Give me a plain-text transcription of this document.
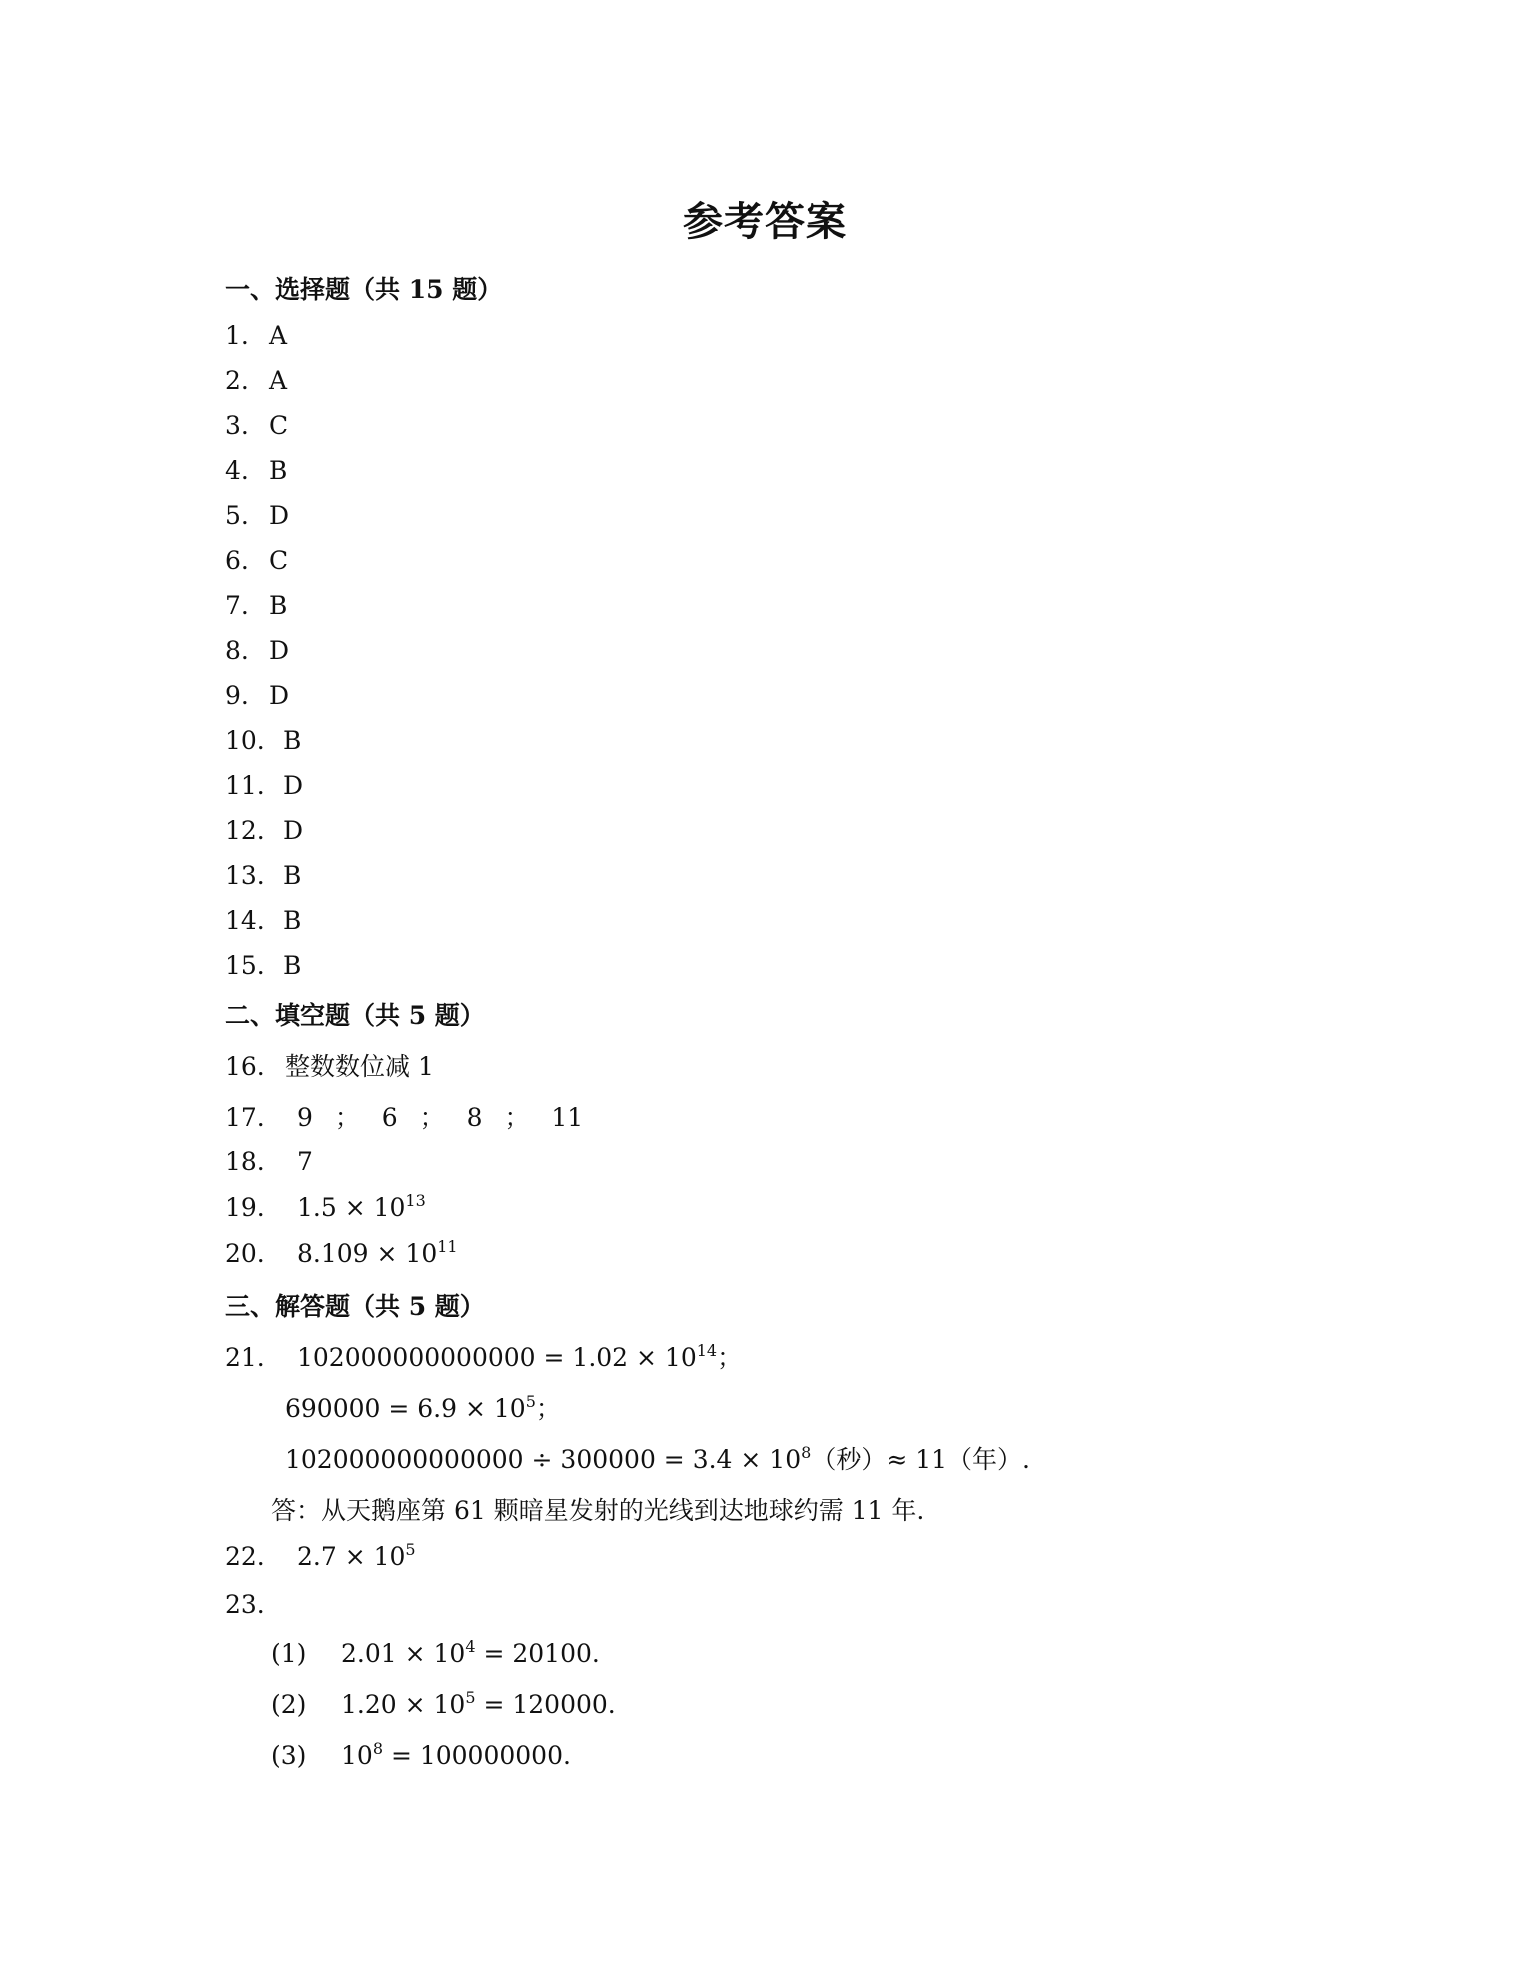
参考答案
一、选择题（共 15 题）
1. A
2. A
3. C
4. B
5. D
6. C
7. B
8. D
9. D
10. B
11. D
12. D
13. B
14. B
15. B
二、填空题（共 5 题）
16. 整数数位减 1
17. 9 ； 6 ； 8 ； 11
18. 7
19. $1.5 \times 10^{13}$
20. $8.109 \times 10^{11}$
三、解答题（共 5 题）
21. $102000000000000 = 1.02 \times 10^{14}$；
$690000 = 6.9 \times 10^5$；
$102000000000000 \div 300000 = 3.4 \times 10^8$（秒）≈ 11（年）.
答：从天鹅座第 61 颗暗星发射的光线到达地球约需 11 年.
22. $2.7 \times 10^5$
23.
(1) $2.01 \times 10^4 = 20100$.
(2) $1.20 \times 10^5 = 120000$.
(3) $10^8 = 100000000$.
